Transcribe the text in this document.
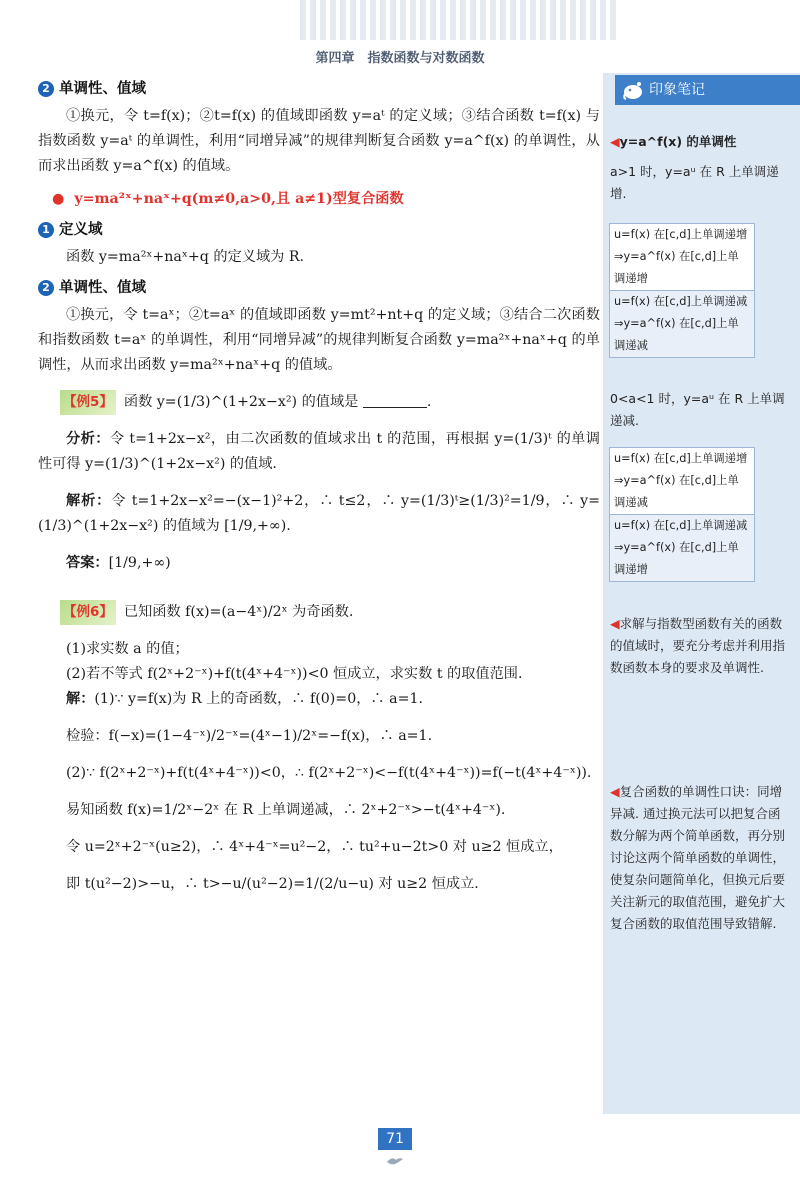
第四章　指数函数与对数函数
2 单调性、值域

①换元，令 t=f(x)；②t=f(x) 的值域即函数 y=aᵗ 的定义域；③结合函数 t=f(x) 与指数函数 y=aᵗ 的单调性，利用“同增异减”的规律判断复合函数 y=a^f(x) 的单调性，从而求出函数 y=a^f(x) 的值域。

● y=ma²ˣ+naˣ+q(m≠0,a>0,且 a≠1)型复合函数
1 定义域

函数 y=ma²ˣ+naˣ+q 的定义域为 R.

2 单调性、值域

①换元，令 t=aˣ；②t=aˣ 的值域即函数 y=mt²+nt+q 的定义域；③结合二次函数和指数函数 t=aˣ 的单调性，利用“同增异减”的规律判断复合函数 y=ma²ˣ+naˣ+q 的单调性，从而求出函数 y=ma²ˣ+naˣ+q 的值域。

【例5】 函数 y=(1/3)^(1+2x−x²) 的值域是	.

分析：令 t=1+2x−x²，由二次函数的值域求出 t 的范围，再根据 y=(1/3)ᵗ 的单调性可得 y=(1/3)^(1+2x−x²) 的值域.

解析：令 t=1+2x−x²=−(x−1)²+2，∴ t≤2，∴ y=(1/3)ᵗ≥(1/3)²=1/9，∴ y=(1/3)^(1+2x−x²) 的值域为 [1/9,+∞).

答案：[1/9,+∞)

【例6】 已知函数 f(x)=(a−4ˣ)/2ˣ 为奇函数.

(1)求实数 a 的值；

(2)若不等式 f(2ˣ+2⁻ˣ)+f(t(4ˣ+4⁻ˣ))<0 恒成立，求实数 t 的取值范围.

解：(1)∵ y=f(x)为 R 上的奇函数，∴ f(0)=0，∴ a=1.

检验：f(−x)=(1−4⁻ˣ)/2⁻ˣ=(4ˣ−1)/2ˣ=−f(x)，∴ a=1.

(2)∵ f(2ˣ+2⁻ˣ)+f(t(4ˣ+4⁻ˣ))<0，∴ f(2ˣ+2⁻ˣ)<−f(t(4ˣ+4⁻ˣ))=f(−t(4ˣ+4⁻ˣ)).

易知函数 f(x)=1/2ˣ−2ˣ 在 R 上单调递减，∴ 2ˣ+2⁻ˣ>−t(4ˣ+4⁻ˣ).

令 u=2ˣ+2⁻ˣ(u≥2)，∴ 4ˣ+4⁻ˣ=u²−2，∴ tu²+u−2t>0 对 u≥2 恒成立，

即 t(u²−2)>−u，∴ t>−u/(u²−2)=1/(2/u−u) 对 u≥2 恒成立.

印象笔记
◀y=a^f(x) 的单调性
a>1 时，y=aᵘ 在 R 上单调递增.
u=f(x) 在[c,d]上单调递增⇒y=a^f(x) 在[c,d]上单调递增
u=f(x) 在[c,d]上单调递减⇒y=a^f(x) 在[c,d]上单调递减
0<a<1 时，y=aᵘ 在 R 上单调递减.
u=f(x) 在[c,d]上单调递增⇒y=a^f(x) 在[c,d]上单调递减
u=f(x) 在[c,d]上单调递减⇒y=a^f(x) 在[c,d]上单调递增
◀求解与指数型函数有关的函数的值域时，要充分考虑并利用指数函数本身的要求及单调性.
◀复合函数的单调性口诀：同增异减. 通过换元法可以把复合函数分解为两个简单函数，再分别讨论这两个简单函数的单调性，使复杂问题简单化，但换元后要关注新元的取值范围，避免扩大复合函数的取值范围导致错解.
71
